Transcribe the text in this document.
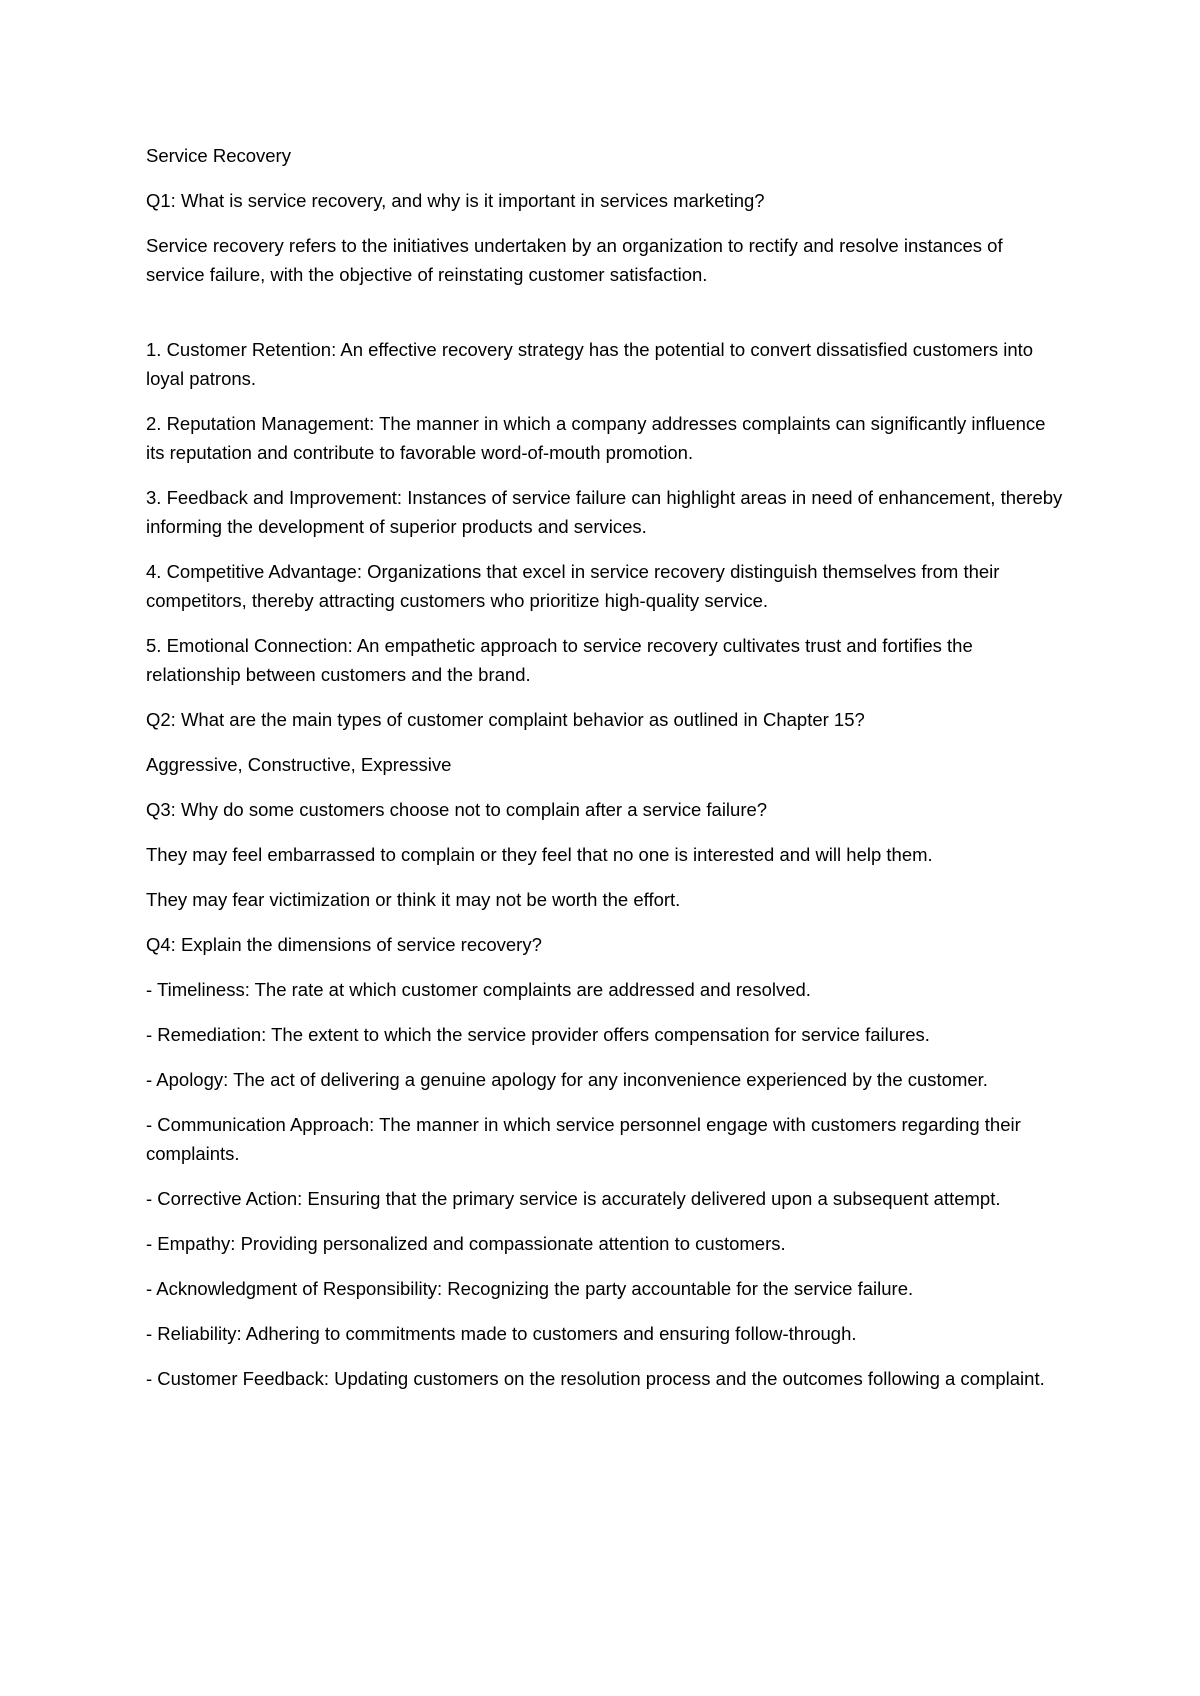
Service Recovery

Q1: What is service recovery, and why is it important in services marketing?

Service recovery refers to the initiatives undertaken by an organization to rectify and resolve instances of service failure, with the objective of reinstating customer satisfaction.

1. Customer Retention: An effective recovery strategy has the potential to convert dissatisfied customers into loyal patrons.

2. Reputation Management: The manner in which a company addresses complaints can significantly influence its reputation and contribute to favorable word-of-mouth promotion.

3. Feedback and Improvement: Instances of service failure can highlight areas in need of enhancement, thereby informing the development of superior products and services.

4. Competitive Advantage: Organizations that excel in service recovery distinguish themselves from their competitors, thereby attracting customers who prioritize high-quality service.

5. Emotional Connection: An empathetic approach to service recovery cultivates trust and fortifies the relationship between customers and the brand.

Q2: What are the main types of customer complaint behavior as outlined in Chapter 15?

Aggressive, Constructive, Expressive

Q3: Why do some customers choose not to complain after a service failure?

They may feel embarrassed to complain or they feel that no one is interested and will help them.

They may fear victimization or think it may not be worth the effort.

Q4: Explain the dimensions of service recovery?

- Timeliness: The rate at which customer complaints are addressed and resolved.

- Remediation: The extent to which the service provider offers compensation for service failures.

- Apology: The act of delivering a genuine apology for any inconvenience experienced by the customer.

- Communication Approach: The manner in which service personnel engage with customers regarding their complaints.

- Corrective Action: Ensuring that the primary service is accurately delivered upon a subsequent attempt.

- Empathy: Providing personalized and compassionate attention to customers.

- Acknowledgment of Responsibility: Recognizing the party accountable for the service failure.

- Reliability: Adhering to commitments made to customers and ensuring follow-through.

- Customer Feedback: Updating customers on the resolution process and the outcomes following a complaint.
